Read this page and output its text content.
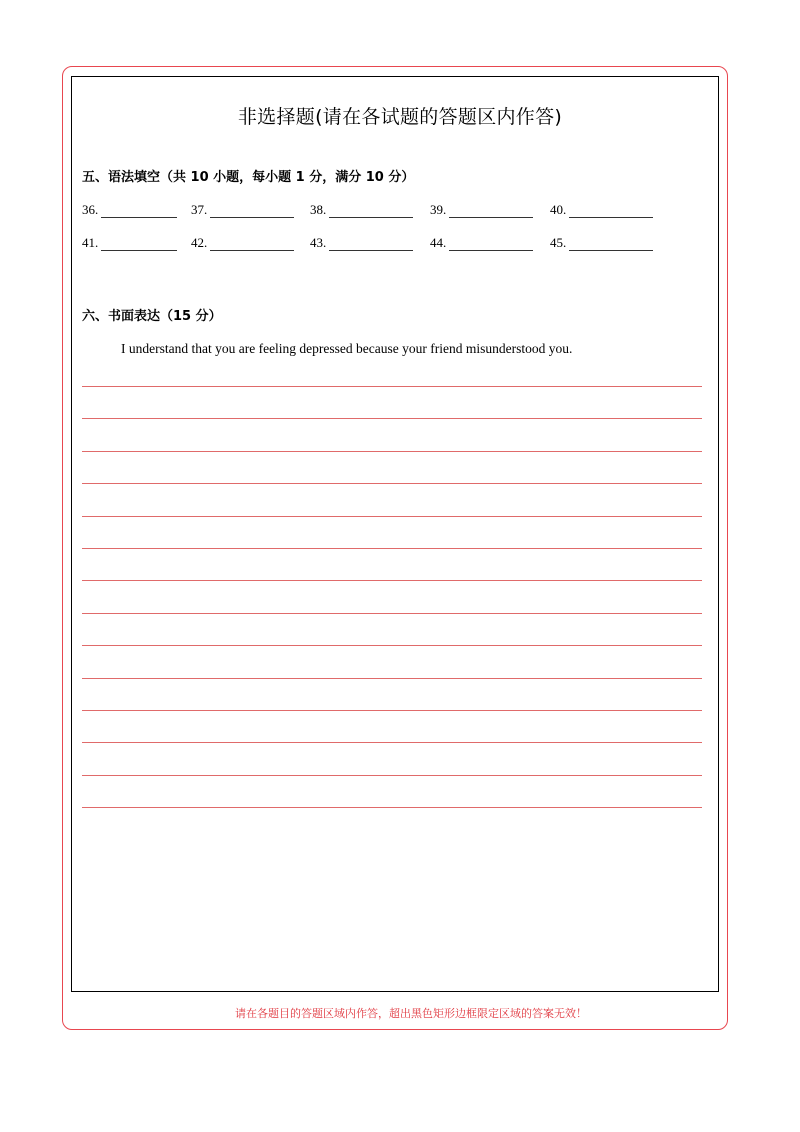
非选择题(请在各试题的答题区内作答)
五、语法填空（共 10 小题，每小题 1 分，满分 10 分）
36.	37.	38.	39.	40.
41.	42.	43.	44.	45.
六、书面表达（15 分）
I understand that you are feeling depressed because your friend misunderstood you.
请在各题目的答题区域内作答，超出黑色矩形边框限定区域的答案无效！
